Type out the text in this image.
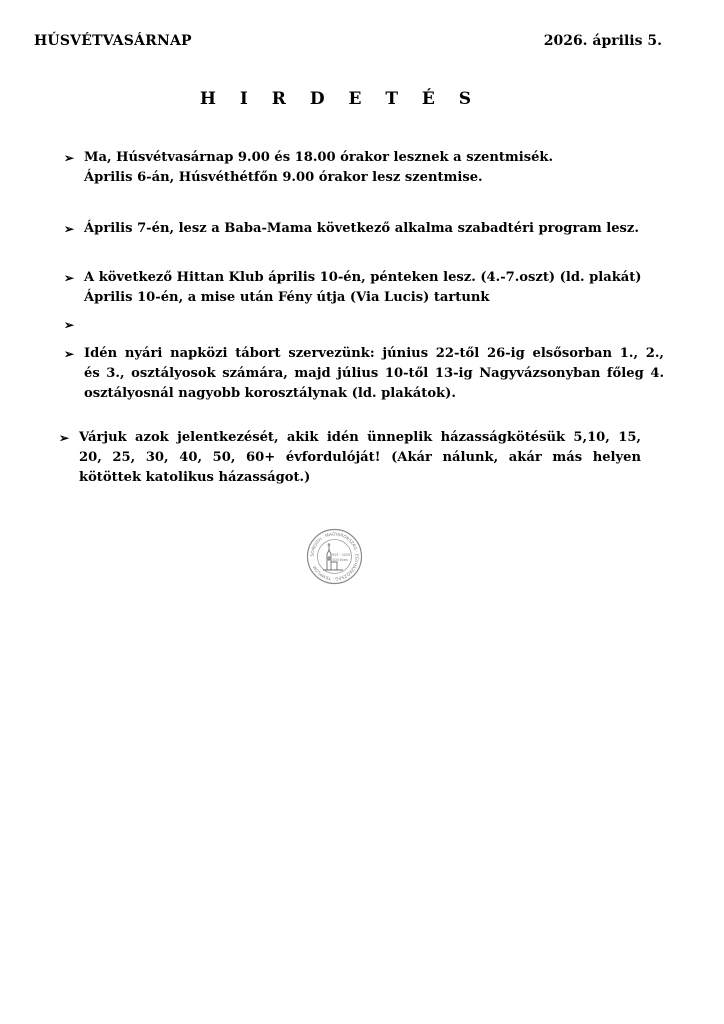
HÚSVÉTVASÁRNAP	2026. április 5.
H I R D E T É S
➢ Ma, Húsvétvasárnap 9.00 és 18.00 órakor lesznek a szentmisék.
Április 6-án, Húsvéthétfőn 9.00 órakor lesz szentmise.
➢ Április 7-én, lesz a Baba-Mama következő alkalma szabadtéri program lesz.
➢ A következő Hittan Klub április 10-én, pénteken lesz. (4.-7.oszt) (ld. plakát)
Április 10-én, a mise után Fény útja (Via Lucis) tartunk
➢
➢ Idén nyári napközi tábort szervezünk: június 22-től 26-ig elsősorban 1., 2.,
és 3., osztályosok számára, majd július 10-től 13-ig Nagyvázsonyban főleg 4.
osztályosnál nagyobb korosztálynak (ld. plakátok).
➢ Várjuk azok jelentkezését, akik idén ünneplik házasságkötésük 5,10, 15,
20, 25, 30, 40, 50, 60+ évfordulóját! (Akár nálunk, akár más helyen
kötöttek katolikus házasságot.)
SOMOGYI · MAGYARORSZÁG · EGYHÁZKÖZSÉG · TEMPLOM
1929 · 2029
100 éves
